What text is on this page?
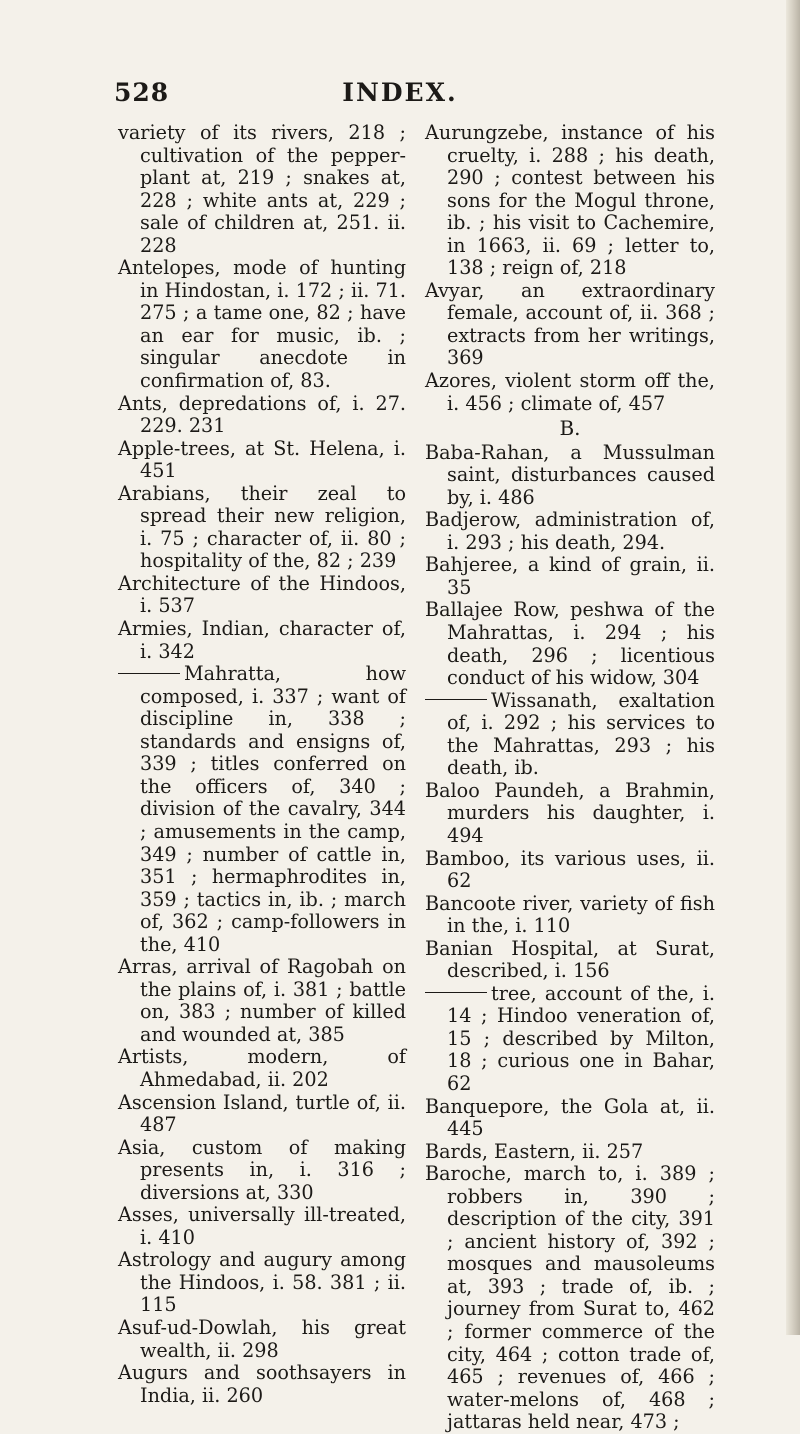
528	INDEX.

variety of its rivers, 218 ; cultivation of the pepper-plant at, 219 ; snakes at, 228 ; white ants at, 229 ; sale of children at, 251. ii. 228

Antelopes, mode of hunting in Hindostan, i. 172 ; ii. 71. 275 ; a tame one, 82 ; have an ear for music, ib. ; singular anecdote in confirmation of, 83.

Ants, depredations of, i. 27. 229. 231

Apple-trees, at St. Helena, i. 451

Arabians, their zeal to spread their new religion, i. 75 ; character of, ii. 80 ; hospitality of the, 82 ; 239

Architecture of the Hindoos, i. 537

Armies, Indian, character of, i. 342

Mahratta, how composed, i. 337 ; want of discipline in, 338 ; standards and ensigns of, 339 ; titles conferred on the officers of, 340 ; division of the cavalry, 344 ; amusements in the camp, 349 ; number of cattle in, 351 ; hermaphrodites in, 359 ; tactics in, ib. ; march of, 362 ; camp-followers in the, 410

Arras, arrival of Ragobah on the plains of, i. 381 ; battle on, 383 ; number of killed and wounded at, 385

Artists, modern, of Ahmedabad, ii. 202

Ascension Island, turtle of, ii. 487

Asia, custom of making presents in, i. 316 ; diversions at, 330

Asses, universally ill-treated, i. 410

Astrology and augury among the Hindoos, i. 58. 381 ; ii. 115

Asuf-ud-Dowlah, his great wealth, ii. 298

Augurs and soothsayers in India, ii. 260

Aurungzebe, instance of his cruelty, i. 288 ; his death, 290 ; contest between his sons for the Mogul throne, ib. ; his visit to Cachemire, in 1663, ii. 69 ; letter to, 138 ; reign of, 218

Avyar, an extraordinary female, account of, ii. 368 ; extracts from her writings, 369

Azores, violent storm off the, i. 456 ; climate of, 457

B.

Baba-Rahan, a Mussulman saint, disturbances caused by, i. 486

Badjerow, administration of, i. 293 ; his death, 294.

Bahjeree, a kind of grain, ii. 35

Ballajee Row, peshwa of the Mahrattas, i. 294 ; his death, 296 ; licentious conduct of his widow, 304

Wissanath, exaltation of, i. 292 ; his services to the Mahrattas, 293 ; his death, ib.

Baloo Paundeh, a Brahmin, murders his daughter, i. 494

Bamboo, its various uses, ii. 62

Bancoote river, variety of fish in the, i. 110

Banian Hospital, at Surat, described, i. 156

tree, account of the, i. 14 ; Hindoo veneration of, 15 ; described by Milton, 18 ; curious one in Bahar, 62

Banquepore, the Gola at, ii. 445

Bards, Eastern, ii. 257

Baroche, march to, i. 389 ; robbers in, 390 ; description of the city, 391 ; ancient history of, 392 ; mosques and mausoleums at, 393 ; trade of, ib. ; journey from Surat to, 462 ; former commerce of the city, 464 ; cotton trade of, 465 ; revenues of, 466 ; water-melons of, 468 ; jattaras held near, 473 ;
